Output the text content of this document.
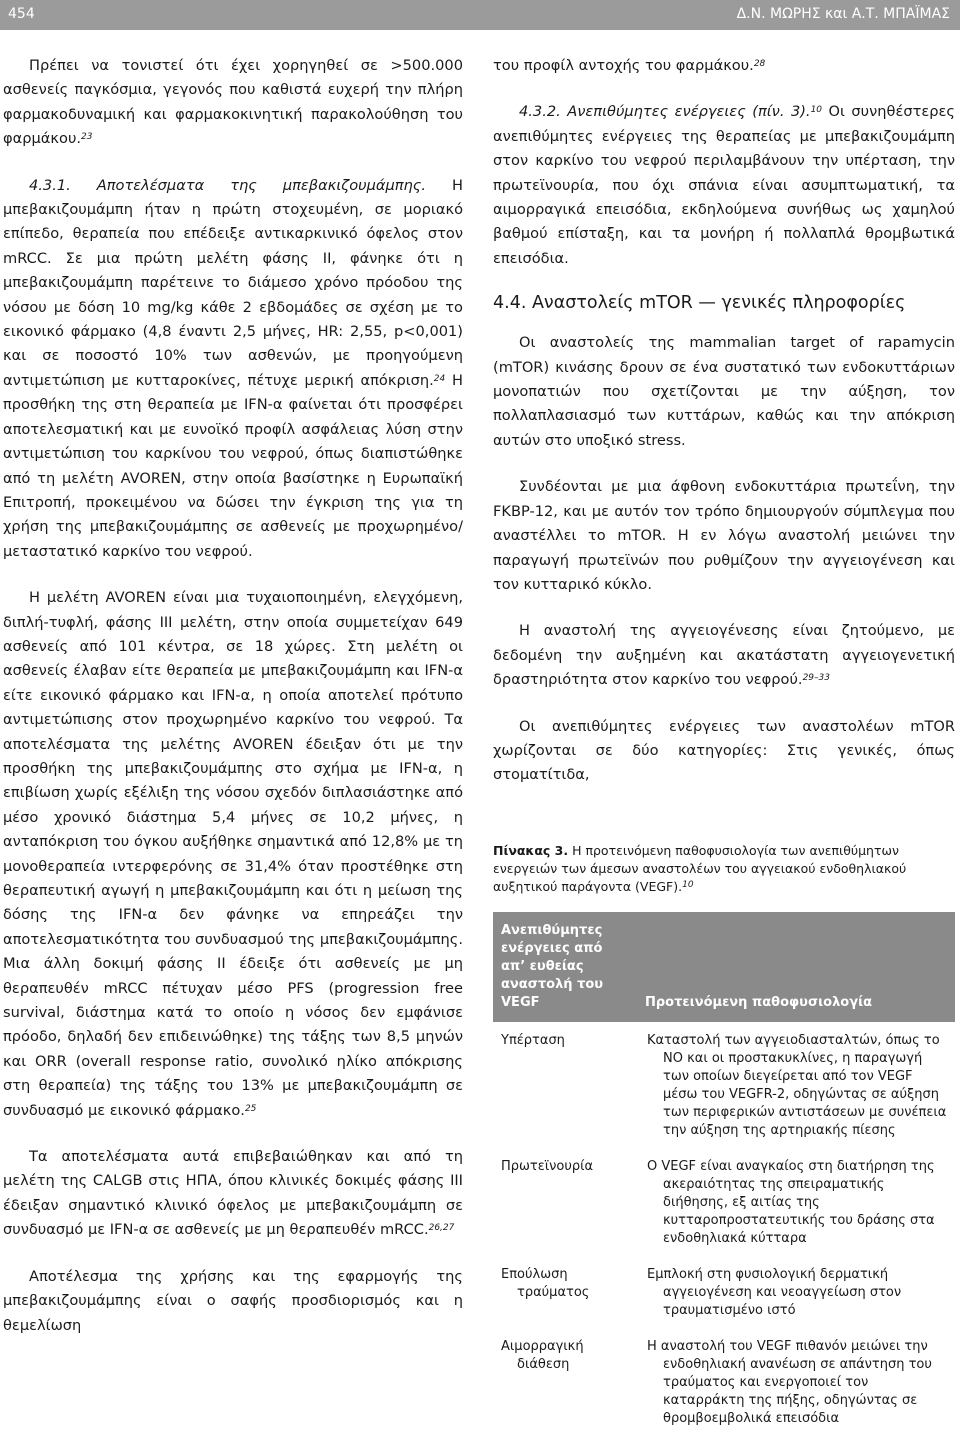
454	Δ.Ν. ΜΩΡΗΣ και Α.Τ. ΜΠΑΪΜΑΣ

Πρέπει να τονιστεί ότι έχει χορηγηθεί σε >500.000 ασθενείς παγκόσμια, γεγονός που καθιστά ευχερή την πλήρη φαρμακοδυναμική και φαρμακοκινητική παρακολούθηση του φαρμάκου.$^{23}$

4.3.1. Αποτελέσματα της μπεβακιζουμάμπης. Η μπεβακιζουμάμπη ήταν η πρώτη στοχευμένη, σε μοριακό επίπεδο, θεραπεία που επέδειξε αντικαρκινικό όφελος στον mRCC. Σε μια πρώτη μελέτη φάσης II, φάνηκε ότι η μπεβακιζουμάμπη παρέτεινε το διάμεσο χρόνο πρόοδου της νόσου με δόση 10 mg/kg κάθε 2 εβδομάδες σε σχέση με το εικονικό φάρμακο (4,8 έναντι 2,5 μήνες, HR: 2,55, p<0,001) και σε ποσοστό 10% των ασθενών, με προηγούμενη αντιμετώπιση με κυτταροκίνες, πέτυχε μερική απόκριση.$^{24}$ Η προσθήκη της στη θεραπεία με IFN-α φαίνεται ότι προσφέρει αποτελεσματική και με ευνοϊκό προφίλ ασφάλειας λύση στην αντιμετώπιση του καρκίνου του νεφρού, όπως διαπιστώθηκε από τη μελέτη AVOREN, στην οποία βασίστηκε η Ευρωπαϊκή Επιτροπή, προκειμένου να δώσει την έγκριση της για τη χρήση της μπεβακιζουμάμπης σε ασθενείς με προχωρημένο/μεταστατικό καρκίνο του νεφρού.

Η μελέτη AVOREN είναι μια τυχαιοποιημένη, ελεγχόμενη, διπλή-τυφλή, φάσης III μελέτη, στην οποία συμμετείχαν 649 ασθενείς από 101 κέντρα, σε 18 χώρες. Στη μελέτη οι ασθενείς έλαβαν είτε θεραπεία με μπεβακιζουμάμπη και IFN-α είτε εικονικό φάρμακο και IFN-α, η οποία αποτελεί πρότυπο αντιμετώπισης στον προχωρημένο καρκίνο του νεφρού. Τα αποτελέσματα της μελέτης AVOREN έδειξαν ότι με την προσθήκη της μπεβακιζουμάμπης στο σχήμα με IFN-α, η επιβίωση χωρίς εξέλιξη της νόσου σχεδόν διπλασιάστηκε από μέσο χρονικό διάστημα 5,4 μήνες σε 10,2 μήνες, η ανταπόκριση του όγκου αυξήθηκε σημαντικά από 12,8% με τη μονοθεραπεία ιντερφερόνης σε 31,4% όταν προστέθηκε στη θεραπευτική αγωγή η μπεβακιζουμάμπη και ότι η μείωση της δόσης της IFN-α δεν φάνηκε να επηρεάζει την αποτελεσματικότητα του συνδυασμού της μπεβακιζουμάμπης. Μια άλλη δοκιμή φάσης II έδειξε ότι ασθενείς με μη θεραπευθέν mRCC πέτυχαν μέσο PFS (progression free survival, διάστημα κατά το οποίο η νόσος δεν εμφάνισε πρόοδο, δηλαδή δεν επιδεινώθηκε) της τάξης των 8,5 μηνών και ORR (overall response ratio, συνολικό ηλίκο απόκρισης στη θεραπεία) της τάξης του 13% με μπεβακιζουμάμπη σε συνδυασμό με εικονικό φάρμακο.$^{25}$

Τα αποτελέσματα αυτά επιβεβαιώθηκαν και από τη μελέτη της CALGB στις ΗΠΑ, όπου κλινικές δοκιμές φάσης III έδειξαν σημαντικό κλινικό όφελος με μπεβακιζουμάμπη σε συνδυασμό με IFN-α σε ασθενείς με μη θεραπευθέν mRCC.$^{26,27}$

Αποτέλεσμα της χρήσης και της εφαρμογής της μπεβακιζουμάμπης είναι ο σαφής προσδιορισμός και η θεμελίωση

του προφίλ αντοχής του φαρμάκου.$^{28}$

4.3.2. Ανεπιθύμητες ενέργειες (πίν. 3).$^{10}$ Οι συνηθέστερες ανεπιθύμητες ενέργειες της θεραπείας με μπεβακιζουμάμπη στον καρκίνο του νεφρού περιλαμβάνουν την υπέρταση, την πρωτεϊνουρία, που όχι σπάνια είναι ασυμπτωματική, τα αιμορραγικά επεισόδια, εκδηλούμενα συνήθως ως χαμηλού βαθμού επίσταξη, και τα μονήρη ή πολλαπλά θρομβωτικά επεισόδια.

4.4. Αναστολείς mTOR — γενικές πληροφορίες

Οι αναστολείς της mammalian target of rapamycin (mTOR) κινάσης δρουν σε ένα συστατικό των ενδοκυττάριων μονοπατιών που σχετίζονται με την αύξηση, τον πολλαπλασιασμό των κυττάρων, καθώς και την απόκριση αυτών στο υποξικό stress.

Συνδέονται με μια άφθονη ενδοκυττάρια πρωτεΐνη, την FKBP-12, και με αυτόν τον τρόπο δημιουργούν σύμπλεγμα που αναστέλλει το mTOR. Η εν λόγω αναστολή μειώνει την παραγωγή πρωτεϊνών που ρυθμίζουν την αγγειογένεση και τον κυτταρικό κύκλο.

Η αναστολή της αγγειογένεσης είναι ζητούμενο, με δεδομένη την αυξημένη και ακατάστατη αγγειογενετική δραστηριότητα στον καρκίνο του νεφρού.$^{29-33}$

Οι ανεπιθύμητες ενέργειες των αναστολέων mTOR χωρίζονται σε δύο κατηγορίες: Στις γενικές, όπως στοματίτιδα,

Πίνακας 3. Η προτεινόμενη παθοφυσιολογία των ανεπιθύμητων ενεργειών των άμεσων αναστολέων του αγγειακού ενδοθηλιακού αυξητικού παράγοντα (VEGF).$^{10}$
Ανεπιθύμητες ενέργειες από απ’ ευθείας αναστολή του VEGF	Προτεινόμενη παθοφυσιολογία
Υπέρταση	Καταστολή των αγγειοδιασταλτών, όπως το NO και οι προστακυκλίνες, η παραγωγή των οποίων διεγείρεται από τον VEGF μέσω του VEGFR-2, οδηγώντας σε αύξηση των περιφερικών αντιστάσεων με συνέπεια την αύξηση της αρτηριακής πίεσης

Πρωτεϊνουρία	Ο VEGF είναι αναγκαίος στη διατήρηση της ακεραιότητας της σπειραματικής διήθησης, εξ αιτίας της κυτταροπροστατευτικής του δράσης στα ενδοθηλιακά κύτταρα

Επούλωση τραύματος	Εμπλοκή στη φυσιολογική δερματική αγγειογένεση και νεοαγγείωση στον τραυματισμένο ιστό

Αιμορραγική διάθεση	Η αναστολή του VEGF πιθανόν μειώνει την ενδοθηλιακή ανανέωση σε απάντηση του τραύματος και ενεργοποιεί τον καταρράκτη της πήξης, οδηγώντας σε θρομβοεμβολικά επεισόδια
